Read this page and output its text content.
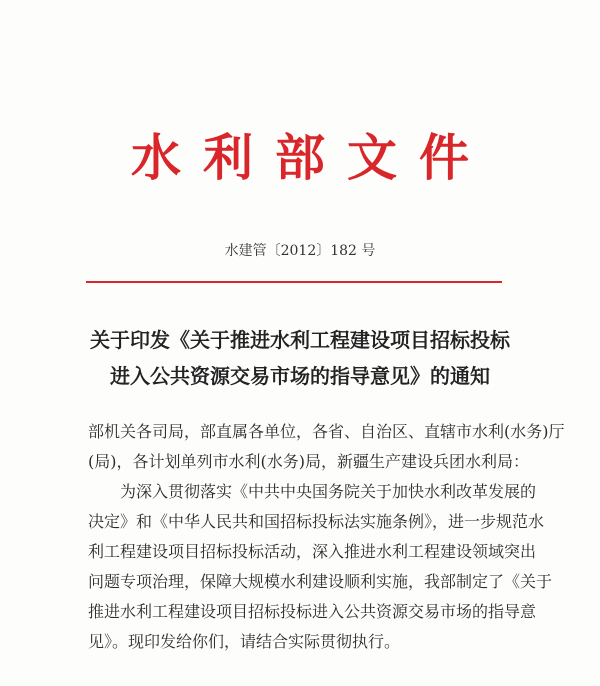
水利部文件
水建管〔2012〕182 号
关于印发《关于推进水利工程建设项目招标投标
进入公共资源交易市场的指导意见》的通知
部机关各司局，部直属各单位，各省、自治区、直辖市水利(水务)厅
(局)，各计划单列市水利(水务)局，新疆生产建设兵团水利局：
为深入贯彻落实《中共中央国务院关于加快水利改革发展的
决定》和《中华人民共和国招标投标法实施条例》，进一步规范水
利工程建设项目招标投标活动，深入推进水利工程建设领域突出
问题专项治理，保障大规模水利建设顺利实施，我部制定了《关于
推进水利工程建设项目招标投标进入公共资源交易市场的指导意
见》。现印发给你们，请结合实际贯彻执行。
